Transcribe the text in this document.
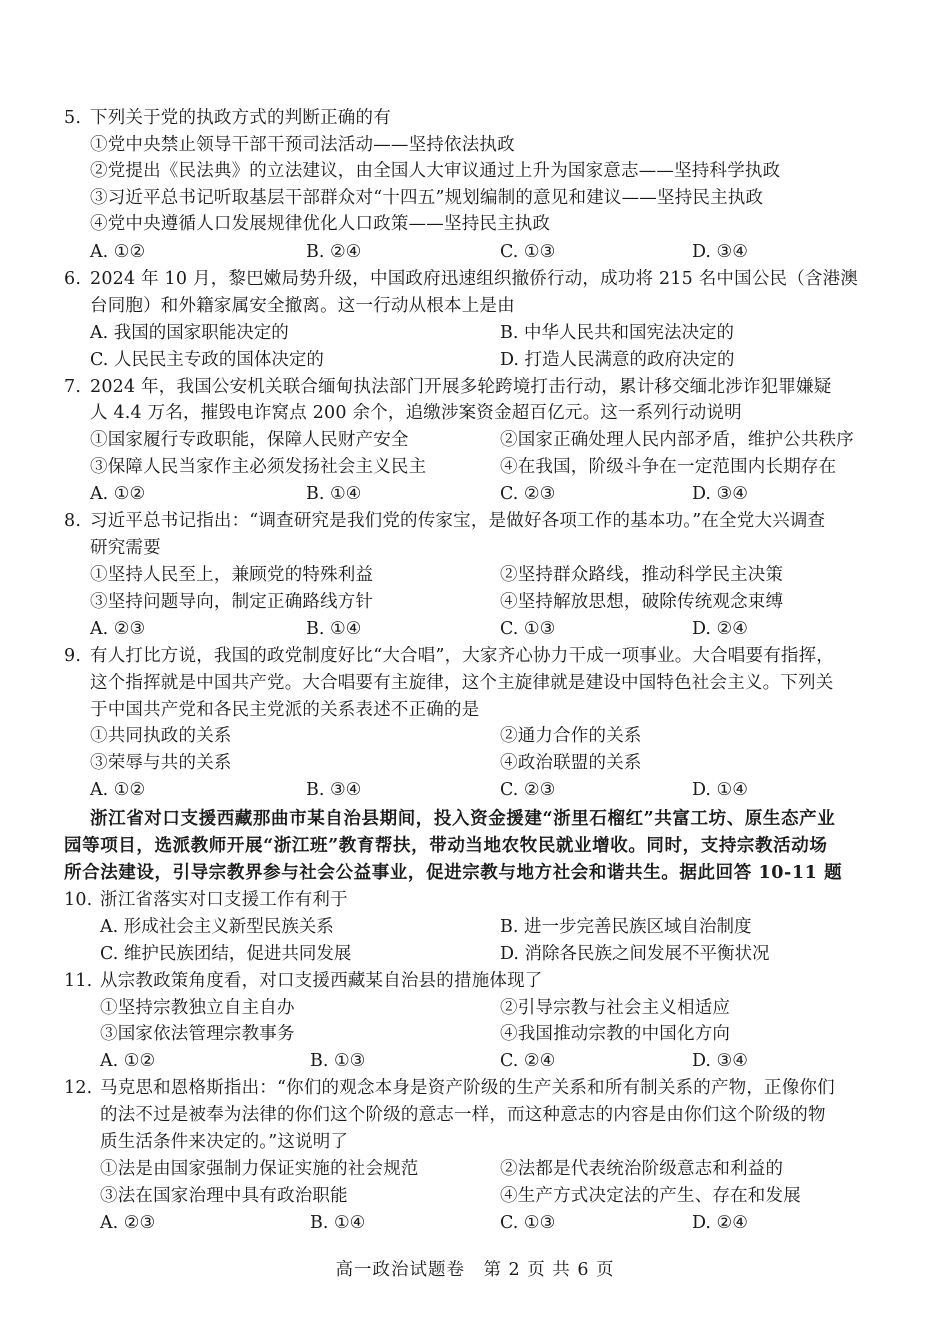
5. 下列关于党的执政方式的判断正确的有
①党中央禁止领导干部干预司法活动——坚持依法执政
②党提出《民法典》的立法建议，由全国人大审议通过上升为国家意志——坚持科学执政
③习近平总书记听取基层干部群众对“十四五”规划编制的意见和建议——坚持民主执政
④党中央遵循人口发展规律优化人口政策——坚持民主执政
A. ①②	B. ②④	C. ①③	D. ③④
6. 2024 年 10 月，黎巴嫩局势升级，中国政府迅速组织撤侨行动，成功将 215 名中国公民（含港澳
台同胞）和外籍家属安全撤离。这一行动从根本上是由
A. 我国的国家职能决定的	B. 中华人民共和国宪法决定的
C. 人民民主专政的国体决定的	D. 打造人民满意的政府决定的
7. 2024 年，我国公安机关联合缅甸执法部门开展多轮跨境打击行动，累计移交缅北涉诈犯罪嫌疑
人 4.4 万名，摧毁电诈窝点 200 余个，追缴涉案资金超百亿元。这一系列行动说明
①国家履行专政职能，保障人民财产安全	②国家正确处理人民内部矛盾，维护公共秩序
③保障人民当家作主必须发扬社会主义民主	④在我国，阶级斗争在一定范围内长期存在
A. ①②	B. ①④	C. ②③	D. ③④
8. 习近平总书记指出：“调查研究是我们党的传家宝，是做好各项工作的基本功。”在全党大兴调查
研究需要
①坚持人民至上，兼顾党的特殊利益	②坚持群众路线，推动科学民主决策
③坚持问题导向，制定正确路线方针	④坚持解放思想，破除传统观念束缚
A. ②③	B. ①④	C. ①③	D. ②④
9. 有人打比方说，我国的政党制度好比“大合唱”，大家齐心协力干成一项事业。大合唱要有指挥，
这个指挥就是中国共产党。大合唱要有主旋律，这个主旋律就是建设中国特色社会主义。下列关
于中国共产党和各民主党派的关系表述不正确的是
①共同执政的关系	②通力合作的关系
③荣辱与共的关系	④政治联盟的关系
A. ①②	B. ③④	C. ②③	D. ①④
浙江省对口支援西藏那曲市某自治县期间，投入资金援建“浙里石榴红”共富工坊、原生态产业
园等项目，选派教师开展“浙江班”教育帮扶，带动当地农牧民就业增收。同时，支持宗教活动场
所合法建设，引导宗教界参与社会公益事业，促进宗教与地方社会和谐共生。据此回答 10-11 题
10. 浙江省落实对口支援工作有利于
A. 形成社会主义新型民族关系	B. 进一步完善民族区域自治制度
C. 维护民族团结，促进共同发展	D. 消除各民族之间发展不平衡状况
11. 从宗教政策角度看，对口支援西藏某自治县的措施体现了
①坚持宗教独立自主自办	②引导宗教与社会主义相适应
③国家依法管理宗教事务	④我国推动宗教的中国化方向
A. ①②	B. ①③	C. ②④	D. ③④
12. 马克思和恩格斯指出：“你们的观念本身是资产阶级的生产关系和所有制关系的产物，正像你们
的法不过是被奉为法律的你们这个阶级的意志一样，而这种意志的内容是由你们这个阶级的物
质生活条件来决定的。”这说明了
①法是由国家强制力保证实施的社会规范	②法都是代表统治阶级意志和利益的
③法在国家治理中具有政治职能	④生产方式决定法的产生、存在和发展
A. ②③	B. ①④	C. ①③	D. ②④
高一政治试题卷　第 2 页 共 6 页
